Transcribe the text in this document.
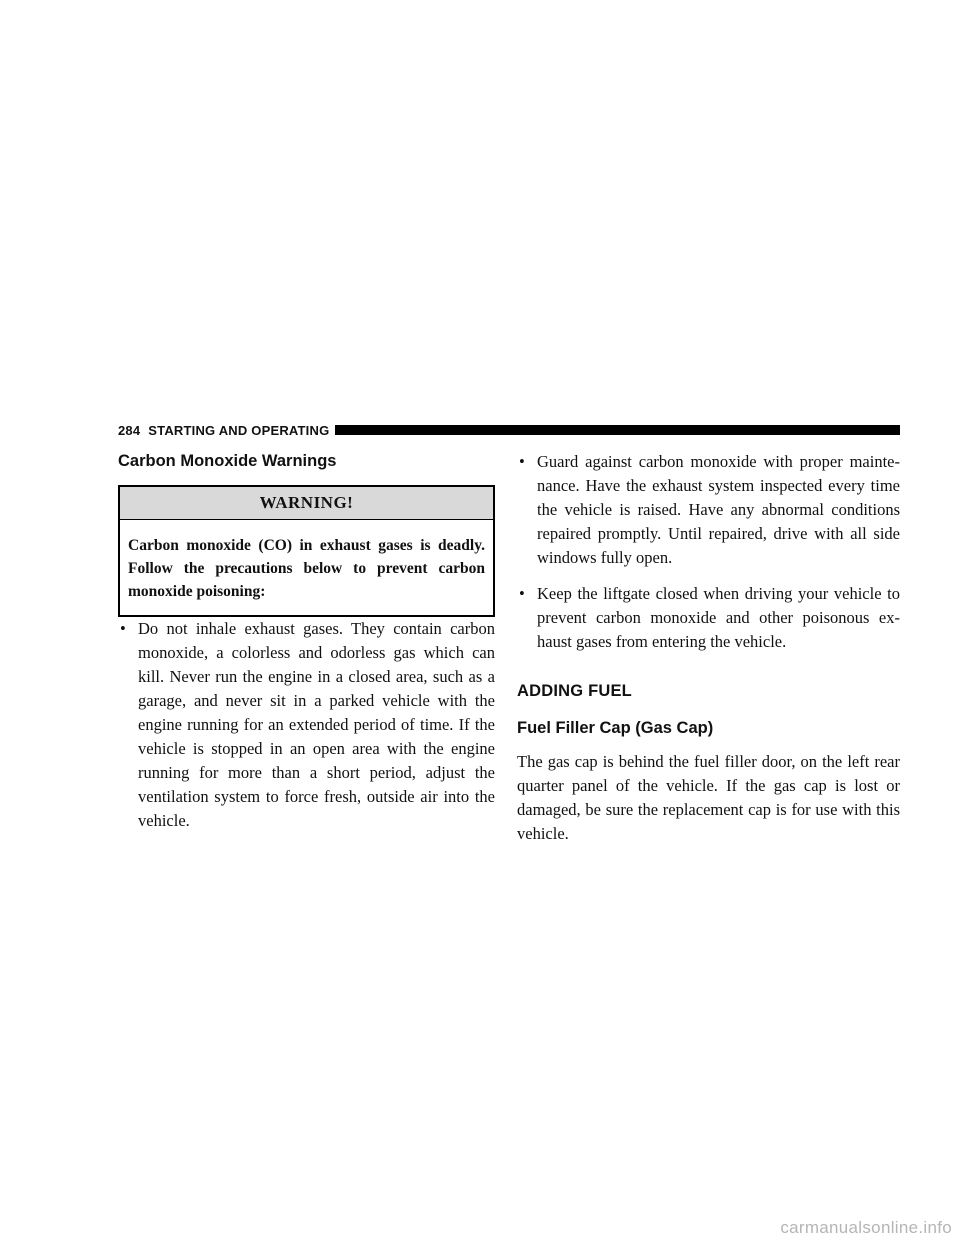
284 STARTING AND OPERATING
Carbon Monoxide Warnings
WARNING!
Carbon monoxide (CO) in exhaust gases is deadly. Follow the precautions below to prevent carbon monoxide poisoning:
• Do not inhale exhaust gases. They contain carbon monoxide, a colorless and odorless gas which can kill. Never run the engine in a closed area, such as a garage, and never sit in a parked vehicle with the engine running for an extended period of time. If the vehicle is stopped in an open area with the engine running for more than a short period, adjust the ventilation system to force fresh, outside air into the vehicle.
• Guard against carbon monoxide with proper mainte-nance. Have the exhaust system inspected every time the vehicle is raised. Have any abnormal conditions repaired promptly. Until repaired, drive with all side windows fully open.
• Keep the liftgate closed when driving your vehicle to prevent carbon monoxide and other poisonous ex-haust gases from entering the vehicle.
ADDING FUEL
Fuel Filler Cap (Gas Cap)

The gas cap is behind the fuel filler door, on the left rear quarter panel of the vehicle. If the gas cap is lost or damaged, be sure the replacement cap is for use with this vehicle.

carmanualsonline.info
